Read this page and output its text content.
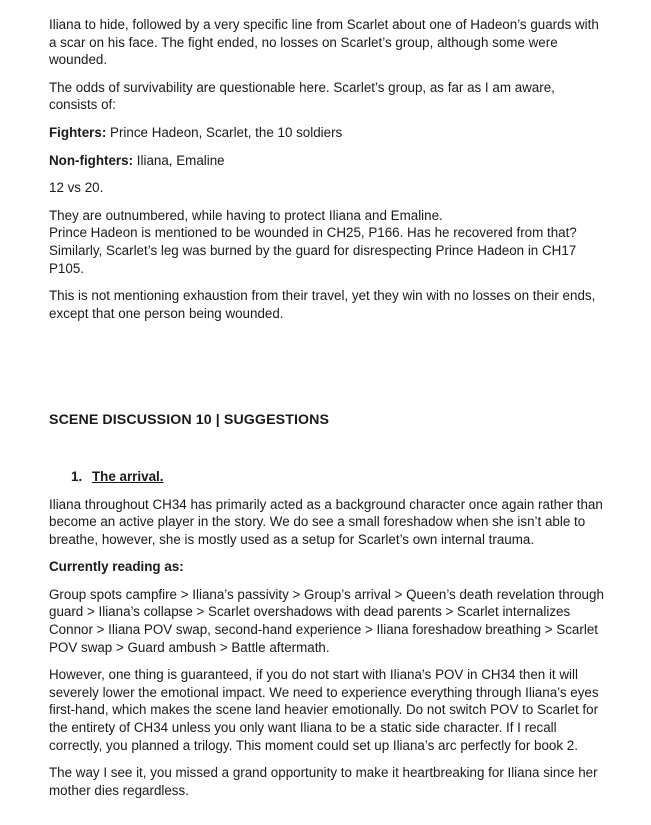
Iliana to hide, followed by a very specific line from Scarlet about one of Hadeon’s guards with a scar on his face. The fight ended, no losses on Scarlet’s group, although some were wounded.

The odds of survivability are questionable here. Scarlet’s group, as far as I am aware, consists of:

Fighters: Prince Hadeon, Scarlet, the 10 soldiers

Non-fighters: Iliana, Emaline

12 vs 20.

They are outnumbered, while having to protect Iliana and Emaline.
Prince Hadeon is mentioned to be wounded in CH25, P166. Has he recovered from that? Similarly, Scarlet’s leg was burned by the guard for disrespecting Prince Hadeon in CH17 P105.

This is not mentioning exhaustion from their travel, yet they win with no losses on their ends, except that one person being wounded.

SCENE DISCUSSION 10 | SUGGESTIONS

1. The arrival.

Iliana throughout CH34 has primarily acted as a background character once again rather than become an active player in the story. We do see a small foreshadow when she isn’t able to breathe, however, she is mostly used as a setup for Scarlet’s own internal trauma.

Currently reading as:

Group spots campfire > Iliana’s passivity > Group’s arrival > Queen’s death revelation through guard > Iliana’s collapse > Scarlet overshadows with dead parents > Scarlet internalizes Connor > Iliana POV swap, second-hand experience > Iliana foreshadow breathing > Scarlet POV swap > Guard ambush > Battle aftermath.

However, one thing is guaranteed, if you do not start with Iliana’s POV in CH34 then it will severely lower the emotional impact. We need to experience everything through Iliana’s eyes first-hand, which makes the scene land heavier emotionally. Do not switch POV to Scarlet for the entirety of CH34 unless you only want Iliana to be a static side character. If I recall correctly, you planned a trilogy. This moment could set up Iliana’s arc perfectly for book 2.

The way I see it, you missed a grand opportunity to make it heartbreaking for Iliana since her mother dies regardless.
